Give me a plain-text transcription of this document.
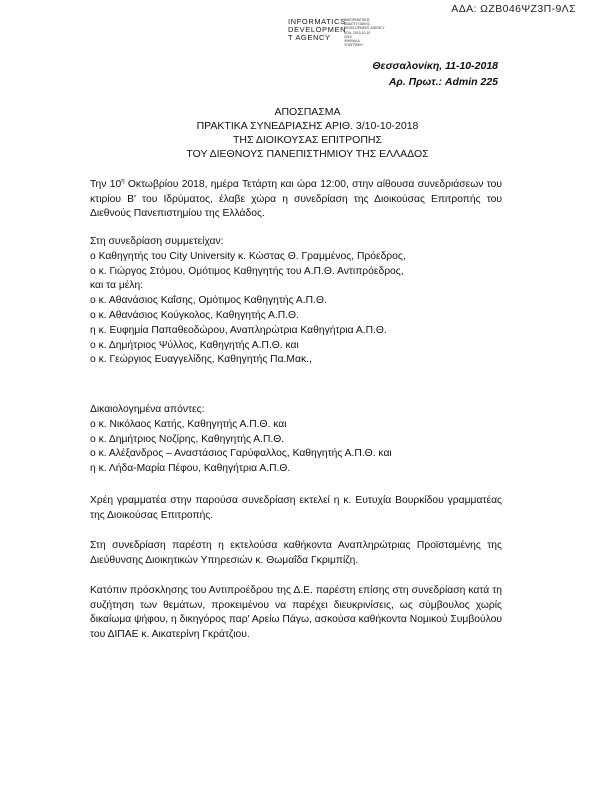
ΑΔΑ: ΩΖΒ046ΨΖ3Π-9ΛΣ
INFORMATICS
DEVELOPMEN
T AGENCY
ΙΝΦΟΡΜΑΤΙΚΗΣ
ΑΝΑΠΤΥΞΙΑΚΗΣ
DEVELOPMENT AGENCY
ΚΩΔ. 2019-10-10
2019
ΨΗΦΙΑΚΑ
ΥΠΟΓΡΑΦΗ
Θεσσαλονίκη, 11-10-2018
Αρ. Πρωτ.: Admin 225
ΑΠΟΣΠΑΣΜΑ
ΠΡΑΚΤΙΚΑ ΣΥΝΕΔΡΙΑΣΗΣ ΑΡΙΘ. 3/10-10-2018
ΤΗΣ ΔΙΟΙΚΟΥΣΑΣ ΕΠΙΤΡΟΠΗΣ
ΤΟΥ ΔΙΕΘΝΟΥΣ ΠΑΝΕΠΙΣΤΗΜΙΟΥ ΤΗΣ ΕΛΛΑΔΟΣ
Την $10^\eta$ Οκτωβρίου 2018, ημέρα Τετάρτη και ώρα 12:00, στην αίθουσα συνεδριάσεων του κτιρίου Β' του Ιδρύματος, έλαβε χώρα η συνεδρίαση της Διοικούσας Επιτροπής του Διεθνούς Πανεπιστημίου της Ελλάδος.
Στη συνεδρίαση συμμετείχαν:
ο Καθηγητής του City University κ. Κώστας Θ. Γραμμένος, Πρόεδρος,
ο κ. Γιώργος Στόμου, Ομότιμος Καθηγητής του Α.Π.Θ. Αντιπρόεδρος,
και τα μέλη:
ο κ. Αθανάσιος Καΐσης, Ομότιμος Καθηγητής Α.Π.Θ.
ο κ. Αθανάσιος Κούγκολος, Καθηγητής Α.Π.Θ.
η κ. Ευφημία Παπαθεοδώρου, Αναπληρώτρια Καθηγήτρια Α.Π.Θ.
ο κ. Δημήτριος Ψύλλος, Καθηγητής Α.Π.Θ. και
ο κ. Γεώργιος Ευαγγελίδης, Καθηγητής Πα.Μακ.,
Δικαιολογημένα απόντες:
ο κ. Νικόλαος Κατής, Καθηγητής Α.Π.Θ. και
ο κ. Δημήτριος Νοζίρης, Καθηγητής Α.Π.Θ.
ο κ. Αλέξανδρος – Αναστάσιος Γαρύφαλλος, Καθηγητής Α.Π.Θ. και
η κ. Λήδα-Μαρία Πέφου, Καθηγήτρια Α.Π.Θ.
Χρέη γραμματέα στην παρούσα συνεδρίαση εκτελεί η κ. Ευτυχία Βουρκίδου γραμματέας της Διοικούσας Επιτροπής.
Στη συνεδρίαση παρέστη η εκτελούσα καθήκοντα Αναπληρώτριας Προϊσταμένης της Διεύθυνσης Διοικητικών Υπηρεσιών κ. Θωμαΐδα Γκριμπίζη.
Κατόπιν πρόσκλησης του Αντιπροέδρου της Δ.Ε. παρέστη επίσης στη συνεδρίαση κατά τη συζήτηση των θεμάτων, προκειμένου να παρέχει διευκρινίσεις, ως σύμβουλος χωρίς δικαίωμα ψήφου, η δικηγόρος παρ' Αρείω Πάγω, ασκούσα καθήκοντα Νομικού Συμβούλου του ΔΙΠΑΕ κ. Αικατερίνη Γκράτζιου.
